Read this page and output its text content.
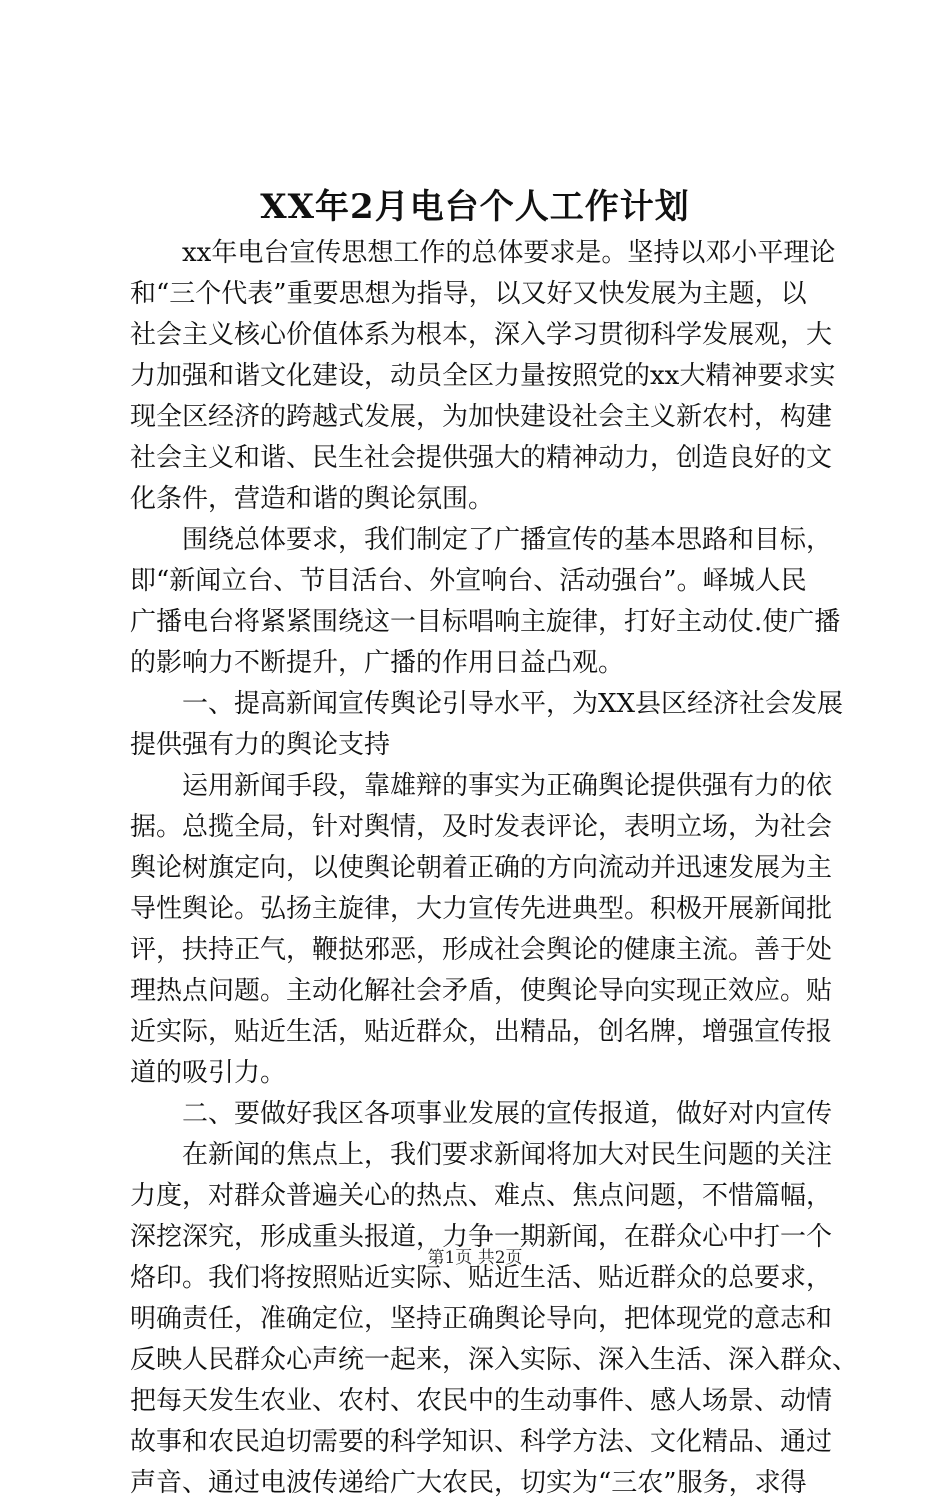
XX年2月电台个人工作计划
xx年电台宣传思想工作的总体要求是。坚持以邓小平理论
和“三个代表”重要思想为指导，以又好又快发展为主题，以
社会主义核心价值体系为根本，深入学习贯彻科学发展观，大
力加强和谐文化建设，动员全区力量按照党的xx大精神要求实
现全区经济的跨越式发展，为加快建设社会主义新农村，构建
社会主义和谐、民生社会提供强大的精神动力，创造良好的文
化条件，营造和谐的舆论氛围。
围绕总体要求，我们制定了广播宣传的基本思路和目标，
即“新闻立台、节目活台、外宣响台、活动强台”。峄城人民
广播电台将紧紧围绕这一目标唱响主旋律，打好主动仗.使广播
的影响力不断提升，广播的作用日益凸观。
一、提高新闻宣传舆论引导水平，为XX县区经济社会发展
提供强有力的舆论支持
运用新闻手段，靠雄辩的事实为正确舆论提供强有力的依
据。总揽全局，针对舆情，及时发表评论，表明立场，为社会
舆论树旗定向，以使舆论朝着正确的方向流动并迅速发展为主
导性舆论。弘扬主旋律，大力宣传先进典型。积极开展新闻批
评，扶持正气，鞭挞邪恶，形成社会舆论的健康主流。善于处
理热点问题。主动化解社会矛盾，使舆论导向实现正效应。贴
近实际，贴近生活，贴近群众，出精品，创名牌，增强宣传报
道的吸引力。
二、要做好我区各项事业发展的宣传报道，做好对内宣传
在新闻的焦点上，我们要求新闻将加大对民生问题的关注
力度，对群众普遍关心的热点、难点、焦点问题，不惜篇幅，
深挖深究，形成重头报道，力争一期新闻，在群众心中打一个
烙印。我们将按照贴近实际、贴近生活、贴近群众的总要求，
明确责任，准确定位，坚持正确舆论导向，把体现党的意志和
反映人民群众心声统一起来，深入实际、深入生活、深入群众、
把每天发生农业、农村、农民中的生动事件、感人场景、动情
故事和农民迫切需要的科学知识、科学方法、文化精品、通过
声音、通过电波传递给广大农民，切实为“三农”服务，求得
第1页 共2页
